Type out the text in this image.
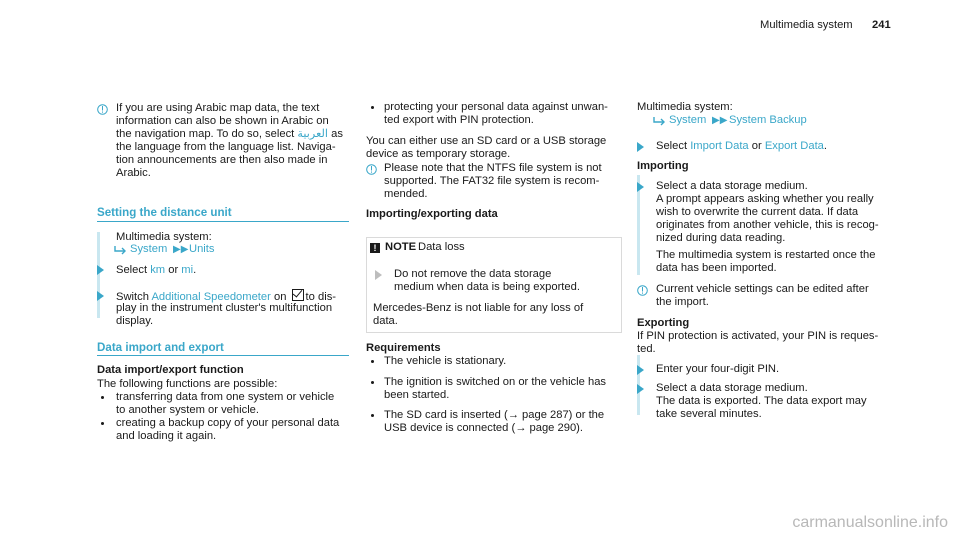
Multimedia system 241
If you are using Arabic map data, the text
information can also be shown in Arabic on
the navigation map. To do so, select العربية as
the language from the language list. Naviga-
tion announcements are then also made in
Arabic.
Setting the distance unit
Multimedia system:
System ▶▶ Units
Select km or mi.
Switch Additional Speedometer on to dis-
play in the instrument cluster's multifunction
display.
Data import and export
Data import/export function
The following functions are possible:
transferring data from one system or vehicle
to another system or vehicle.
creating a backup copy of your personal data
and loading it again.
protecting your personal data against unwan-
ted export with PIN protection.
You can either use an SD card or a USB storage
device as temporary storage.
Please note that the NTFS file system is not
supported. The FAT32 file system is recom-
mended.
Importing/exporting data
! NOTE Data loss
Do not remove the data storage
medium when data is being exported.
Mercedes-Benz is not liable for any loss of
data.
Requirements
The vehicle is stationary.
The ignition is switched on or the vehicle has
been started.
The SD card is inserted (→ page 287) or the
USB device is connected (→ page 290).
Multimedia system:
System ▶▶ System Backup
Select Import Data or Export Data.
Importing
Select a data storage medium.
A prompt appears asking whether you really
wish to overwrite the current data. If data
originates from another vehicle, this is recog-
nized during data reading.
The multimedia system is restarted once the
data has been imported.
Current vehicle settings can be edited after
the import.
Exporting
If PIN protection is activated, your PIN is reques-
ted.
Enter your four-digit PIN.
Select a data storage medium.
The data is exported. The data export may
take several minutes.
carmanualsonline.info
